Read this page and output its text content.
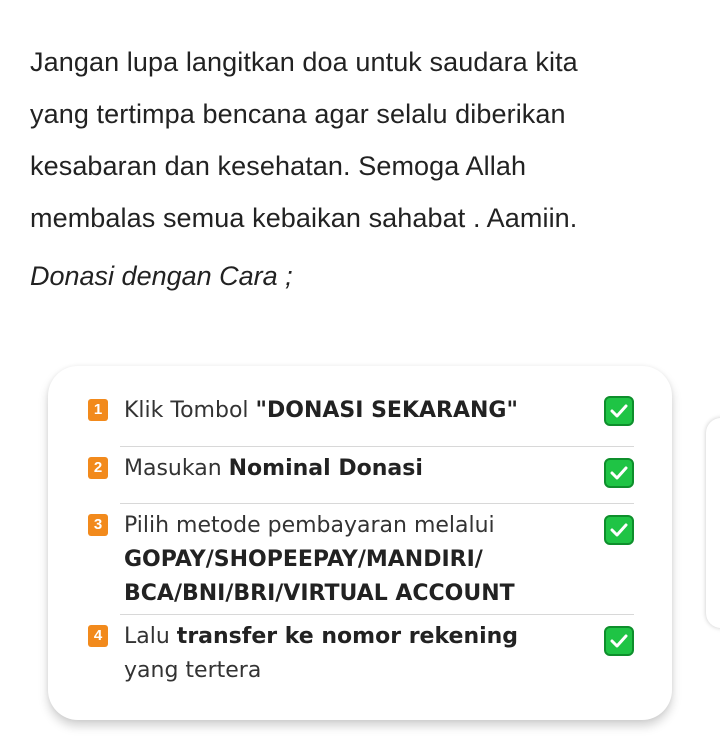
Jangan lupa langitkan doa untuk saudara kita
yang tertimpa bencana agar selalu diberikan
kesabaran dan kesehatan. Semoga Allah
membalas semua kebaikan sahabat . Aamiin.

Donasi dengan Cara ;

1 Klik Tombol "DONASI SEKARANG"
2 Masukan Nominal Donasi
3 Pilih metode pembayaran melalui
GOPAY/SHOPEEPAY/MANDIRI/
BCA/BNI/BRI/VIRTUAL ACCOUNT
4 Lalu transfer ke nomor rekening
yang tertera
